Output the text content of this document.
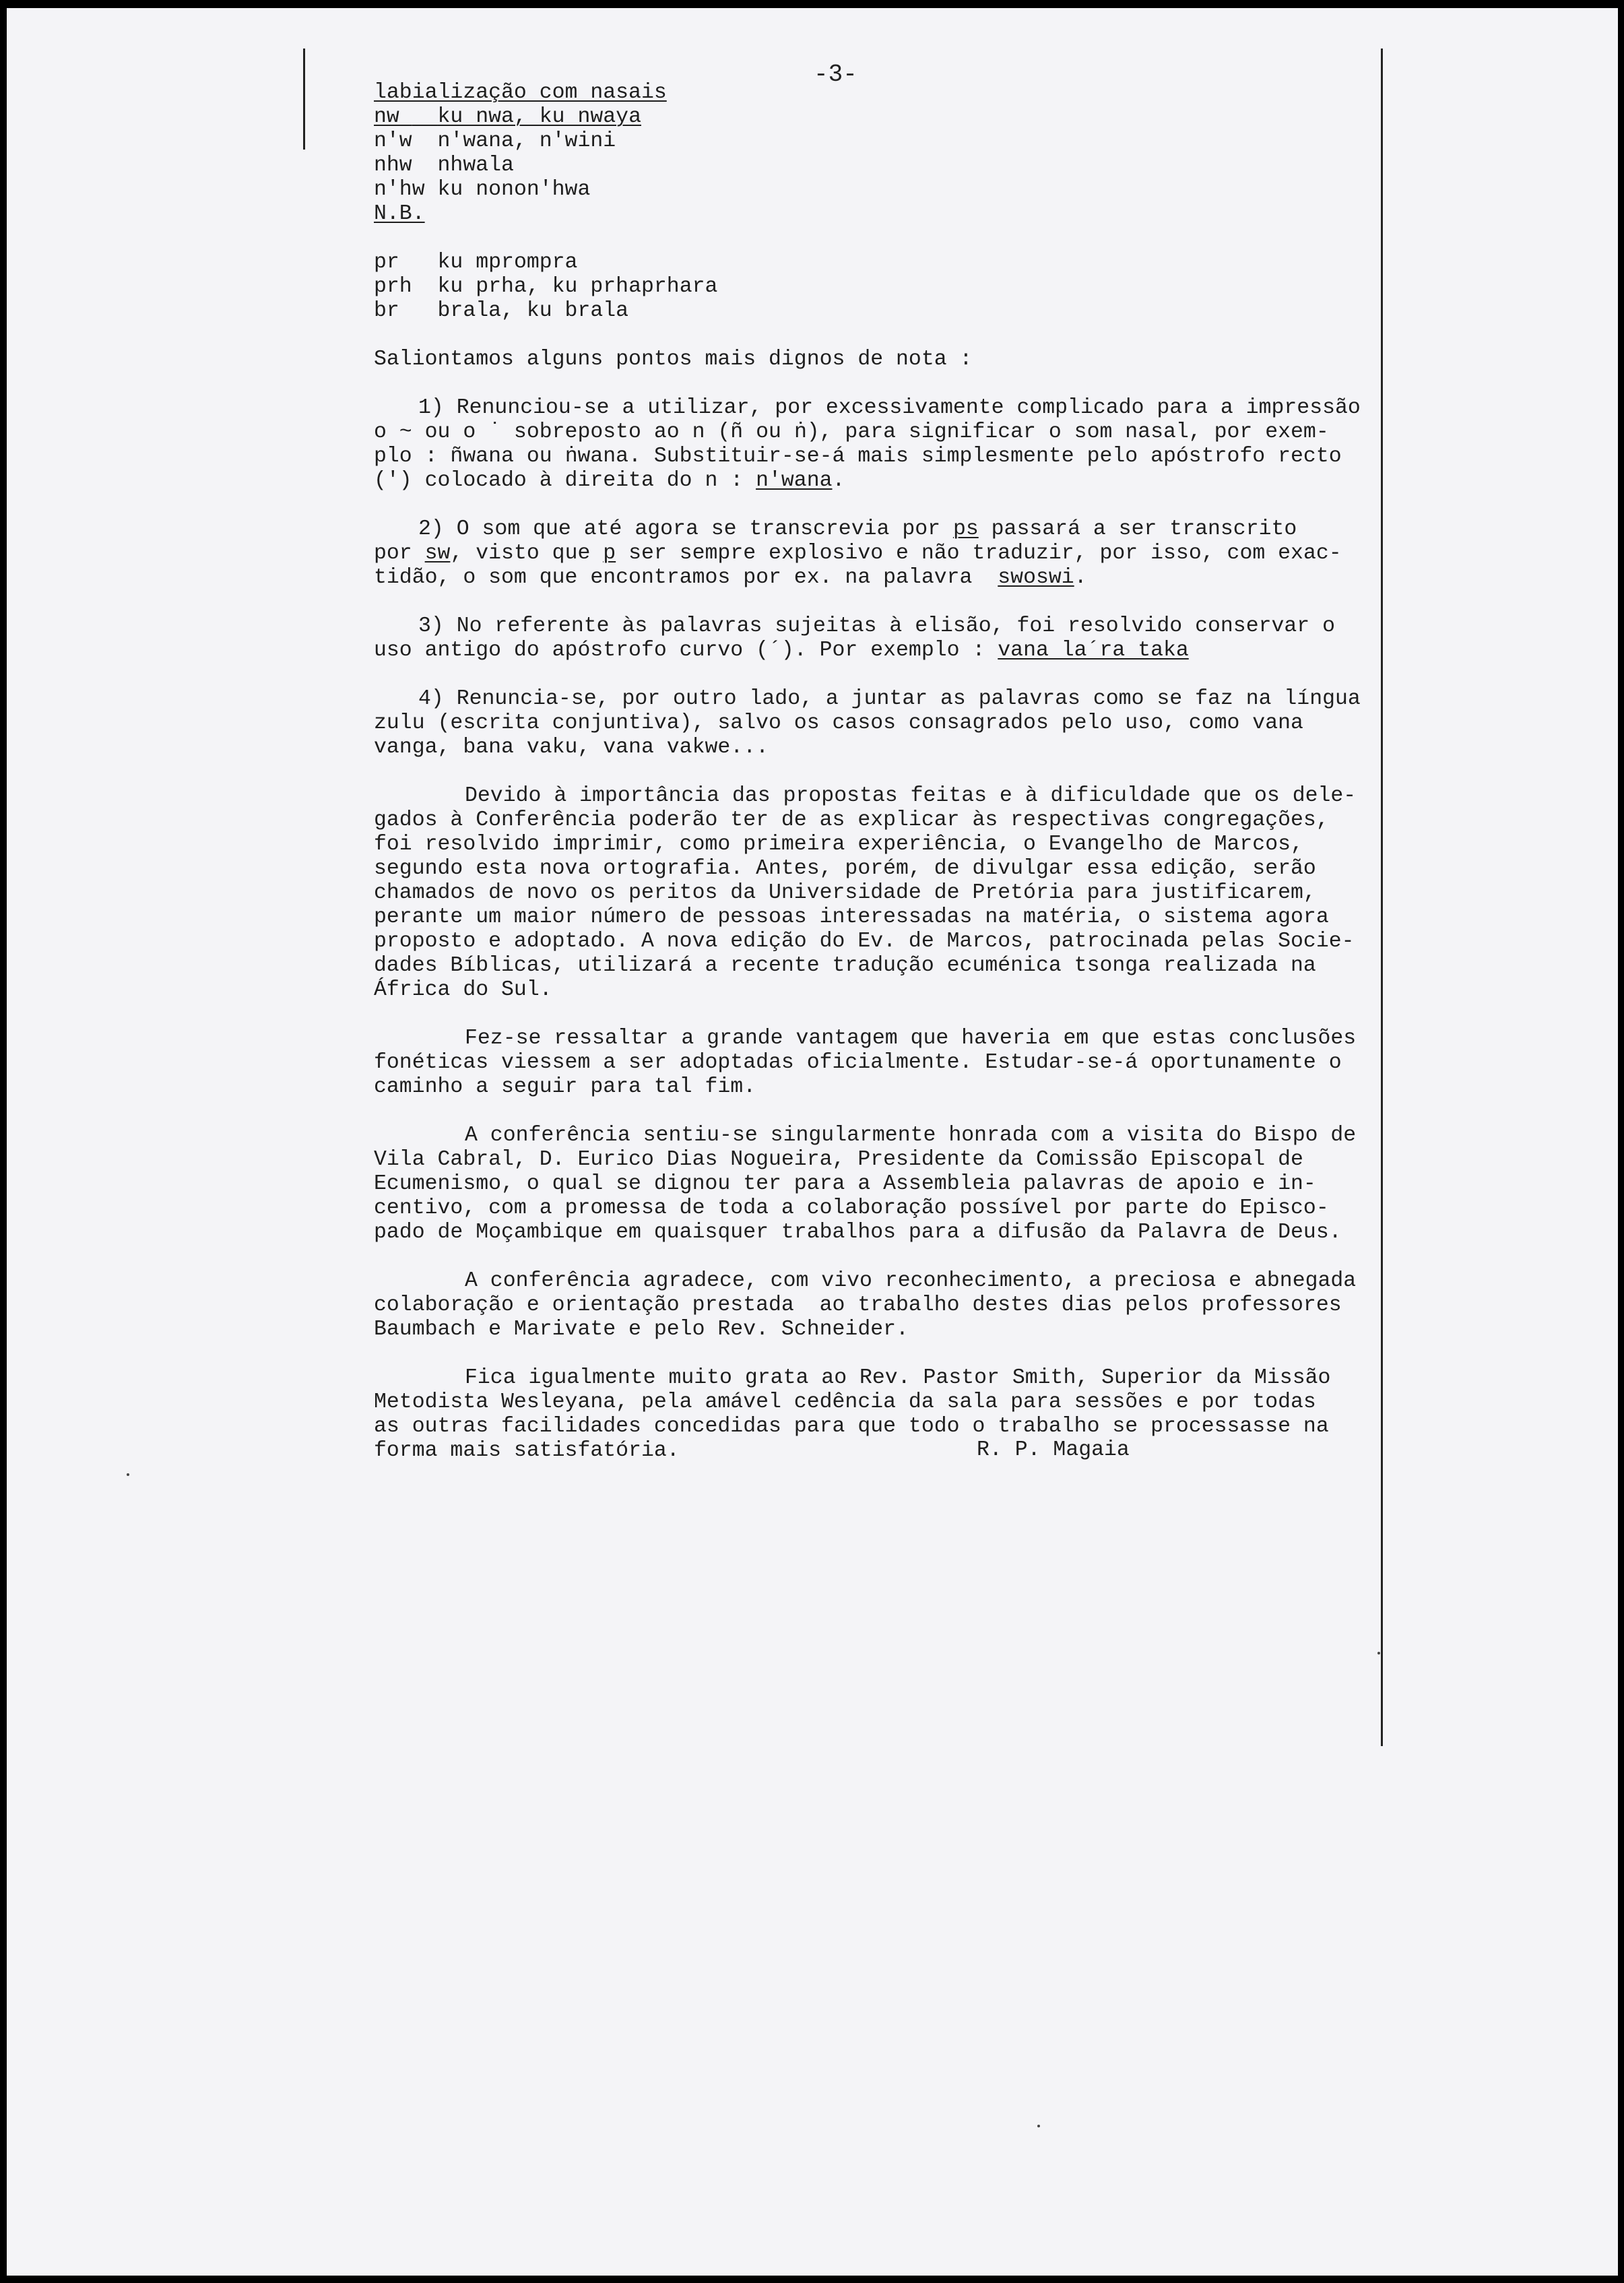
-3-
labialização com nasais
nw   ku nwa, ku nwaya
n'w n'wana, n'wini
nhw nhwala
n'hw ku nonon'hwa
N.B.
pr   ku mprompra
prh ku prha, ku prhaprhara
br   brala, ku brala
Saliontamos alguns pontos mais dignos de nota :
1) Renunciou-se a utilizar, por excessivamente complicado para a impressão
o ~ ou o ˙ sobreposto ao n (ñ ou ṅ), para significar o som nasal, por exem-
plo : ñwana ou ṅwana. Substituir-se-á mais simplesmente pelo apóstrofo recto
(') colocado à direita do n : n'wana.
2) O som que até agora se transcrevia por ps passará a ser transcrito
por sw, visto que p ser sempre explosivo e não traduzir, por isso, com exac-
tidão, o som que encontramos por ex. na palavra  swoswi.
3) No referente às palavras sujeitas à elisão, foi resolvido conservar o
uso antigo do apóstrofo curvo (´). Por exemplo : vana la´ra taka
4) Renuncia-se, por outro lado, a juntar as palavras como se faz na língua
zulu (escrita conjuntiva), salvo os casos consagrados pelo uso, como vana
vanga, bana vaku, vana vakwe...
Devido à importância das propostas feitas e à dificuldade que os dele-
gados à Conferência poderão ter de as explicar às respectivas congregações,
foi resolvido imprimir, como primeira experiência, o Evangelho de Marcos,
segundo esta nova ortografia. Antes, porém, de divulgar essa edição, serão
chamados de novo os peritos da Universidade de Pretória para justificarem,
perante um maior número de pessoas interessadas na matéria, o sistema agora
proposto e adoptado. A nova edição do Ev. de Marcos, patrocinada pelas Socie-
dades Bíblicas, utilizará a recente tradução ecuménica tsonga realizada na
África do Sul.
Fez-se ressaltar a grande vantagem que haveria em que estas conclusões
fonéticas viessem a ser adoptadas oficialmente. Estudar-se-á oportunamente o
caminho a seguir para tal fim.
A conferência sentiu-se singularmente honrada com a visita do Bispo de
Vila Cabral, D. Eurico Dias Nogueira, Presidente da Comissão Episcopal de
Ecumenismo, o qual se dignou ter para a Assembleia palavras de apoio e in-
centivo, com a promessa de toda a colaboração possível por parte do Episco-
pado de Moçambique em quaisquer trabalhos para a difusão da Palavra de Deus.
A conferência agradece, com vivo reconhecimento, a preciosa e abnegada
colaboração e orientação prestada  ao trabalho destes dias pelos professores
Baumbach e Marivate e pelo Rev. Schneider.
Fica igualmente muito grata ao Rev. Pastor Smith, Superior da Missão
Metodista Wesleyana, pela amável cedência da sala para sessões e por todas
as outras facilidades concedidas para que todo o trabalho se processasse na
forma mais satisfatória.	R. P. Magaia
